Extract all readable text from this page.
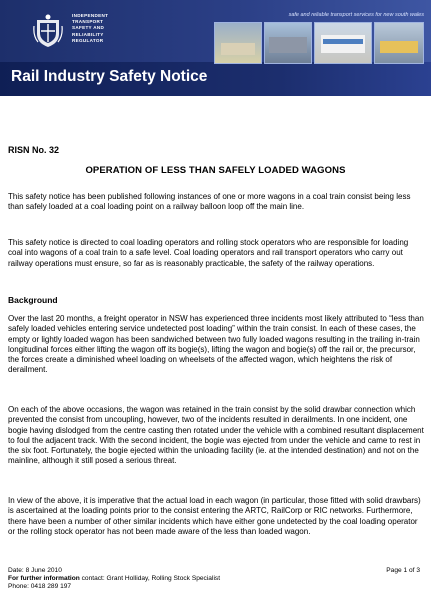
INDEPENDENT
TRANSPORT
SAFETY AND
RELIABILITY
REGULATOR
safe and reliable transport services for new south wales
Rail Industry Safety Notice
RISN No. 32
OPERATION OF LESS THAN SAFELY LOADED WAGONS

This safety notice has been published following instances of one or more wagons in a coal train consist being less than safely loaded at a coal loading point on a railway balloon loop off the main line.

This safety notice is directed to coal loading operators and rolling stock operators who are responsible for loading coal into wagons of a coal train to a safe level. Coal loading operators and rail transport operators who carry out railway operations must ensure, so far as is reasonably practicable, the safety of the railway operations.

Background

Over the last 20 months, a freight operator in NSW has experienced three incidents most likely attributed to “less than safely loaded vehicles entering service undetected post loading” within the train consist. In each of these cases, the empty or lightly loaded wagon has been sandwiched between two fully loaded wagons resulting in the trailing in-train longitudinal forces either lifting the wagon off its bogie(s), lifting the wagon and bogie(s) off the rail or, the precursor, the forces create a diminished wheel loading on wheelsets of the affected wagon, which heightens the risk of derailment.

On each of the above occasions, the wagon was retained in the train consist by the solid drawbar connection which prevented the consist from uncoupling, however, two of the incidents resulted in derailments. In one incident, one bogie having dislodged from the centre casting then rotated under the vehicle with a combined resultant displacement to foul the adjacent track. With the second incident, the bogie was ejected from under the vehicle and came to rest in the six foot. Fortunately, the bogie ejected within the unloading facility (ie. at the intended destination) and not on the mainline, although it still posed a serious threat.

In view of the above, it is imperative that the actual load in each wagon (in particular, those fitted with solid drawbars) is ascertained at the loading points prior to the consist entering the ARTC, RailCorp or RIC networks. Furthermore, there have been a number of other similar incidents which have either gone undetected by the coal loading operator or the rolling stock operator has not been made aware of the less than loaded wagon.

Date: 8 June 2010
For further information contact: Grant Holliday, Rolling Stock Specialist
Phone: 0418 289 197
Page 1 of 3
